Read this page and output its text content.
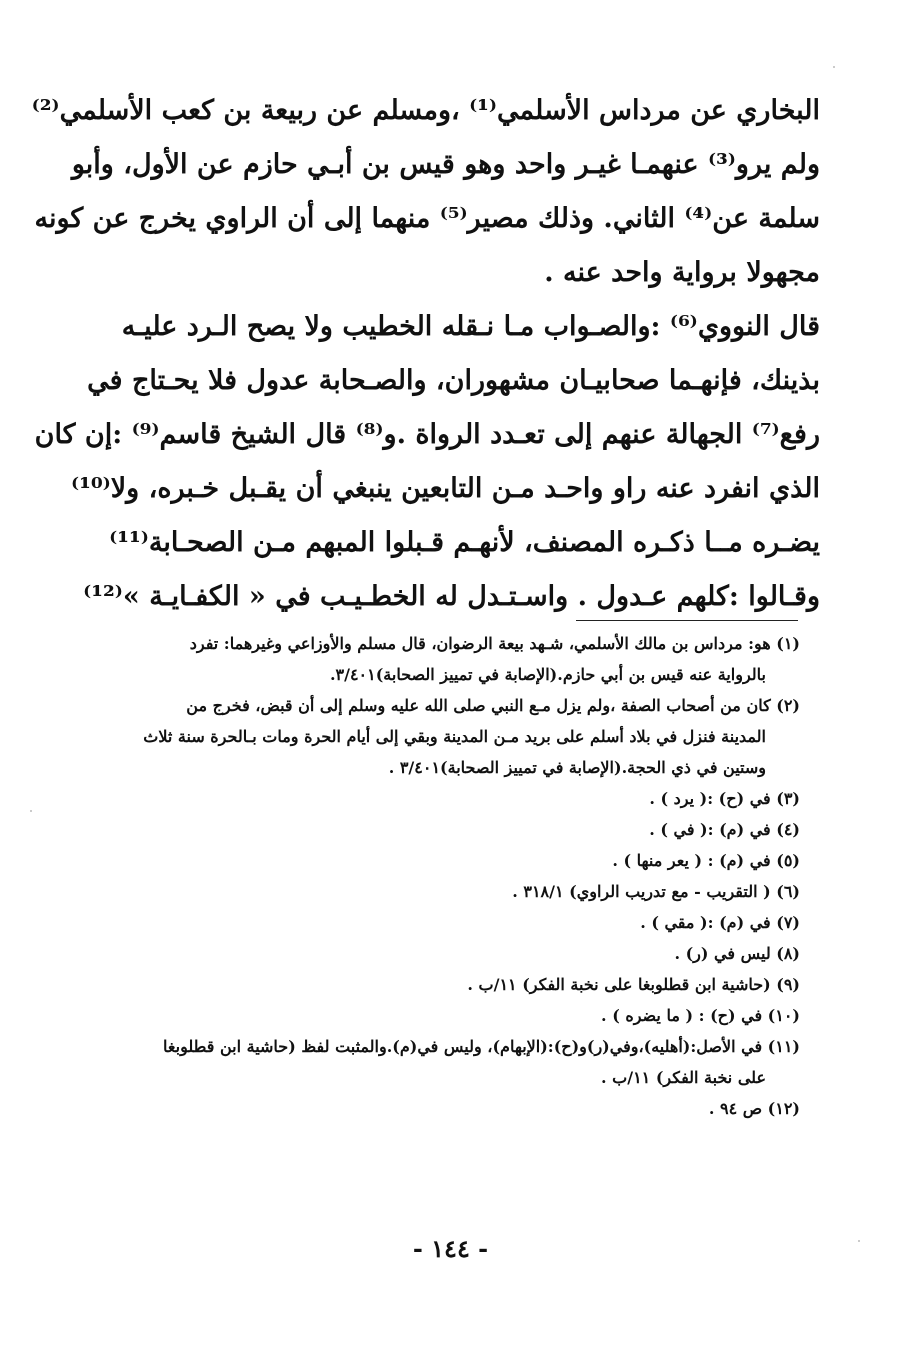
البخاري عن مرداس الأسلمي⁽¹⁾ ،ومسلم عن ربيعة بن كعب الأسلمي⁽²⁾
ولم يرو⁽³⁾ عنهمـا غيـر واحد وهو قيس بن أبـي حازم عن الأول، وأبو
سلمة عن⁽⁴⁾ الثاني. وذلك مصير⁽⁵⁾ منهما إلى أن الراوي يخرج عن كونه
مجهولا برواية واحد عنه .
قال النووي⁽⁶⁾ :والصـواب مـا نـقله الخطيب ولا يصح الـرد عليـه
بذينك، فإنهـما صحابيـان مشهوران، والصـحابة عدول فلا يحـتاج في
رفع⁽⁷⁾ الجهالة عنهم إلى تعـدد الرواة .و⁽⁸⁾ قال الشيخ قاسم⁽⁹⁾ :إن كان
الذي انفرد عنه راو واحـد مـن التابعين ينبغي أن يقـبل خـبره، ولا⁽¹⁰⁾
يضـره مــا ذكـره المصنف، لأنهـم قـبلوا المبهم مـن الصحـابة⁽¹¹⁾
وقـالوا :كلهم عـدول . واسـتـدل له الخطـيـب في « الكفـايـة »⁽¹²⁾
(١) هو: مرداس بن مالك الأسلمي، شـهد بيعة الرضوان، قال مسلم والأوزاعي وغيرهما: تفرد
بالرواية عنه قيس بن أبي حازم.(الإصابة في تمييز الصحابة)٣/٤٠١.
(٢) كان من أصحاب الصفة ،ولم يزل مـع النبي صلى الله عليه وسلم إلى أن قبض، فخرج من
المدينة فنزل في بلاد أسلم على بريد مـن المدينة وبقي إلى أيام الحرة ومات بـالحرة سنة ثلاث
وستين في ذي الحجة.(الإصابة في تمييز الصحابة)٣/٤٠١ .
(٣) في (ح) :( يرد ) .
(٤) في (م) :( في ) .
(٥) في (م) : ( يعر منها ) .
(٦) ( التقريب - مع تدريب الراوي) ٣١٨/١ .
(٧) في (م) :( مقي ) .
(٨) ليس في (ر) .
(٩) (حاشية ابن قطلوبغا على نخبة الفكر) ١١/ب .
(١٠) في (ح) : ( ما يضره ) .
(١١) في الأصل:(أهليه)،وفي(ر)و(ح):(الإبهام)، وليس في(م).والمثبت لفظ (حاشية ابن قطلوبغا
على نخبة الفكر) ١١/ب .
(١٢) ص ٩٤ .
- ١٤٤ -
